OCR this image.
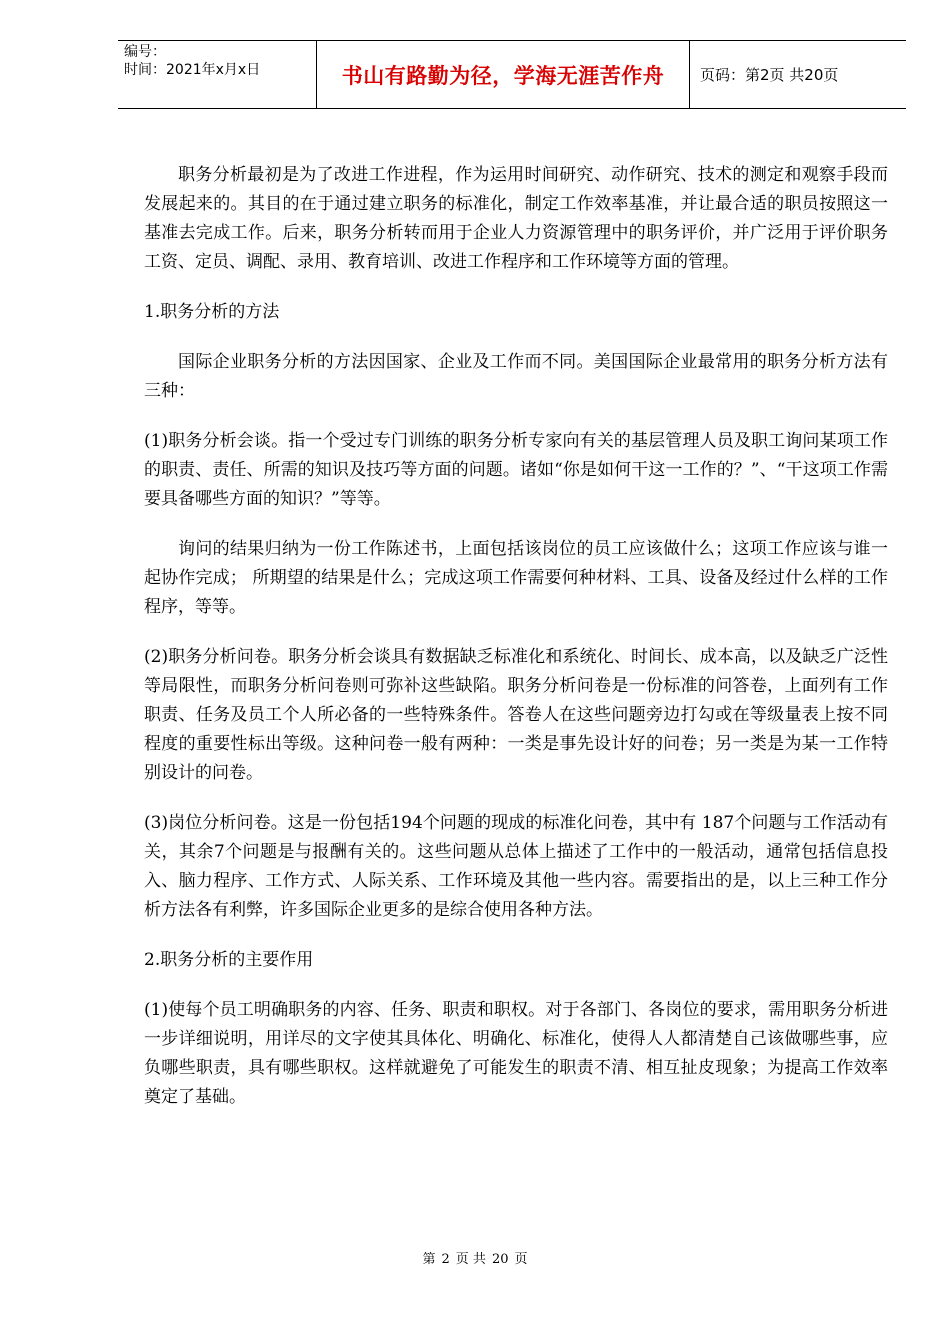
编号：
时间：2021年x月x日	书山有路勤为径，学海无涯苦作舟	页码：第2页 共20页

职务分析最初是为了改进工作进程，作为运用时间研究、动作研究、技术的测定和观察手段而发展起来的。其目的在于通过建立职务的标准化，制定工作效率基准，并让最合适的职员按照这一基准去完成工作。后来，职务分析转而用于企业人力资源管理中的职务评价，并广泛用于评价职务工资、定员、调配、录用、教育培训、改进工作程序和工作环境等方面的管理。

1.职务分析的方法

国际企业职务分析的方法因国家、企业及工作而不同。美国国际企业最常用的职务分析方法有三种：

(1)职务分析会谈。指一个受过专门训练的职务分析专家向有关的基层管理人员及职工询问某项工作的职责、责任、所需的知识及技巧等方面的问题。诸如“你是如何干这一工作的？”、“干这项工作需要具备哪些方面的知识？”等等。

询问的结果归纳为一份工作陈述书，上面包括该岗位的员工应该做什么；这项工作应该与谁一起协作完成； 所期望的结果是什么；完成这项工作需要何种材料、工具、设备及经过什么样的工作程序，等等。

(2)职务分析问卷。职务分析会谈具有数据缺乏标准化和系统化、时间长、成本高，以及缺乏广泛性等局限性，而职务分析问卷则可弥补这些缺陷。职务分析问卷是一份标准的问答卷，上面列有工作职责、任务及员工个人所必备的一些特殊条件。答卷人在这些问题旁边打勾或在等级量表上按不同程度的重要性标出等级。这种问卷一般有两种：一类是事先设计好的问卷；另一类是为某一工作特别设计的问卷。

(3)岗位分析问卷。这是一份包括194个问题的现成的标准化问卷，其中有 187个问题与工作活动有关，其余7个问题是与报酬有关的。这些问题从总体上描述了工作中的一般活动，通常包括信息投入、脑力程序、工作方式、人际关系、工作环境及其他一些内容。需要指出的是，以上三种工作分析方法各有利弊，许多国际企业更多的是综合使用各种方法。

2.职务分析的主要作用

(1)使每个员工明确职务的内容、任务、职责和职权。对于各部门、各岗位的要求，需用职务分析进一步详细说明，用详尽的文字使其具体化、明确化、标准化，使得人人都清楚自己该做哪些事，应负哪些职责，具有哪些职权。这样就避免了可能发生的职责不清、相互扯皮现象；为提高工作效率奠定了基础。

第 2 页 共 20 页
